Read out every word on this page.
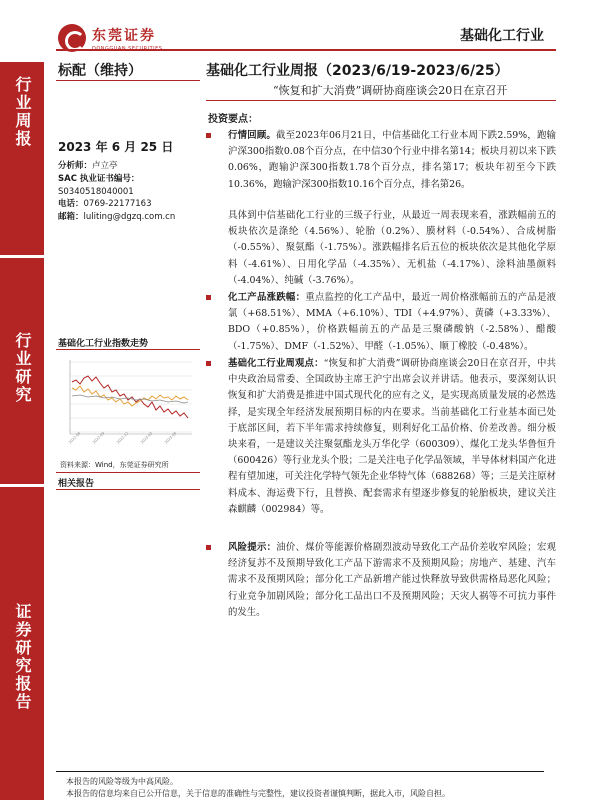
行业周报
行业研究
证券研究报告
东莞证券	基础化工行业
标配（维持）	基础化工行业周报（2023/6/19-2023/6/25）
“恢复和扩大消费”调研协商座谈会20日在京召开
2023 年 6 月 25 日
分析师：卢立亭
SAC 执业证书编号：
S0340518040001
电话：0769-22177163
邮箱：luliting@dgzq.com.cn
基础化工行业指数走势
2022-06	2022-09	2022-12	2023-03	2023-06
资料来源：Wind，东莞证券研究所
相关报告
投资要点：
行情回顾。截至2023年06月21日，中信基础化工行业本周下跌2.59%，跑输沪深300指数0.08个百分点，在中信30个行业中排名第14；板块月初以来下跌0.06%，跑输沪深300指数1.78个百分点，排名第17；板块年初至今下跌10.36%，跑输沪深300指数10.16个百分点，排名第26。
具体到中信基础化工行业的三级子行业，从最近一周表现来看，涨跌幅前五的板块依次是涤纶（4.56%）、轮胎（0.2%）、膜材料（-0.54%）、合成树脂（-0.55%）、聚氨酯（-1.75%）。涨跌幅排名后五位的板块依次是其他化学原料（-4.61%）、日用化学品（-4.35%）、无机盐（-4.17%）、涂料油墨颜料（-4.04%）、纯碱（-3.76%）。
化工产品涨跌幅：重点监控的化工产品中，最近一周价格涨幅前五的产品是液氯（+68.51%）、MMA（+6.10%）、TDI（+4.97%）、黄磷（+3.33%）、BDO（+0.85%），价格跌幅前五的产品是三聚磷酸钠（-2.58%）、醋酸（-1.75%）、DMF（-1.52%）、甲醛（-1.05%）、顺丁橡胶（-0.48%）。
基础化工行业周观点：“恢复和扩大消费”调研协商座谈会20日在京召开，中共中央政治局常委、全国政协主席王沪宁出席会议并讲话。他表示，要深刻认识恢复和扩大消费是推进中国式现代化的应有之义，是实现高质量发展的必然选择，是实现全年经济发展预期目标的内在要求。当前基础化工行业基本面已处于底部区间，若下半年需求持续修复，则利好化工品价格、价差改善。细分板块来看，一是建议关注聚氨酯龙头万华化学（600309）、煤化工龙头华鲁恒升（600426）等行业龙头个股；二是关注电子化学品领域，半导体材料国产化进程有望加速，可关注化学特气领先企业华特气体（688268）等；三是关注原材料成本、海运费下行，且替换、配套需求有望逐步修复的轮胎板块，建议关注森麒麟（002984）等。
风险提示：油价、煤价等能源价格剧烈波动导致化工产品价差收窄风险；宏观经济复苏不及预期导致化工产品下游需求不及预期风险；房地产、基建、汽车需求不及预期风险；部分化工产品新增产能过快释放导致供需格局恶化风险；行业竞争加剧风险；部分化工品出口不及预期风险；天灾人祸等不可抗力事件的发生。
本报告的风险等级为中高风险。
本报告的信息均来自已公开信息，关于信息的准确性与完整性，建议投资者谨慎判断，据此入市，风险自担。
